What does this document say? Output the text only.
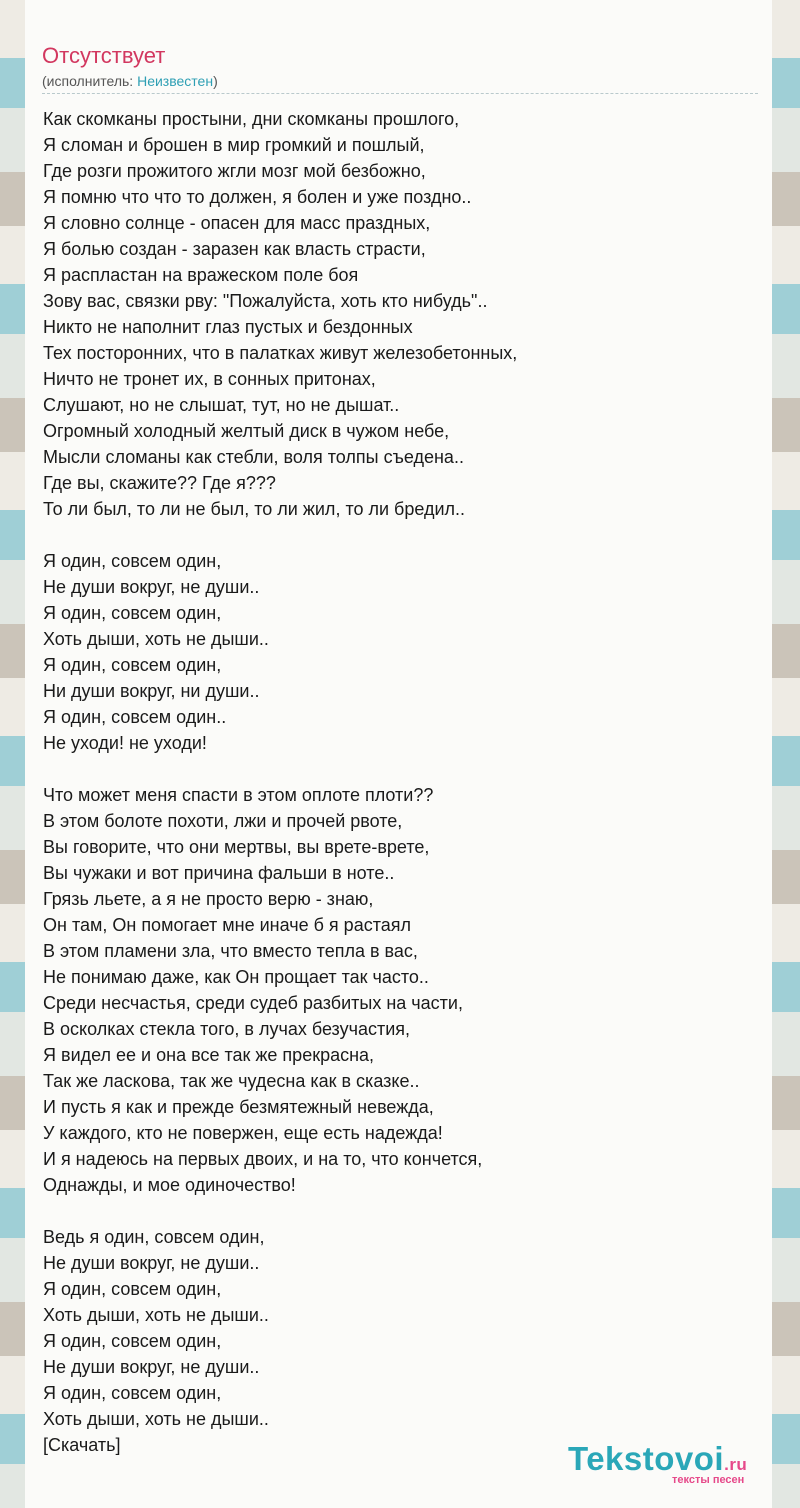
Отсутствует
(исполнитель: Неизвестен)
Как скомканы простыни, дни скомканы прошлого,
Я сломан и брошен в мир громкий и пошлый,
Где розги прожитого жгли мозг мой безбожно,
Я помню что что то должен, я болен и уже поздно..
Я словно солнце - опасен для масс праздных,
Я болью создан - заразен как власть страсти,
Я распластан на вражеском поле боя
Зову вас, связки рву: "Пожалуйста, хоть кто нибудь"..
Никто не наполнит глаз пустых и бездонных
Тех посторонних, что в палатках живут железобетонных,
Ничто не тронет их, в сонных притонах,
Слушают, но не слышат, тут, но не дышат..
Огромный холодный желтый диск в чужом небе,
Мысли сломаны как стебли, воля толпы съедена..
Где вы, скажите?? Где я???
То ли был, то ли не был, то ли жил, то ли бредил..
Я один, совсем один,
Не души вокруг, не души..
Я один, совсем один,
Хоть дыши, хоть не дыши..
Я один, совсем один,
Ни души вокруг, ни души..
Я один, совсем один..
Не уходи! не уходи!
Что может меня спасти в этом оплоте плоти??
В этом болоте похоти, лжи и прочей рвоте,
Вы говорите, что они мертвы, вы врете-врете,
Вы чужаки и вот причина фальши в ноте..
Грязь льете, а я не просто верю - знаю,
Он там, Он помогает мне иначе б я растаял
В этом пламени зла, что вместо тепла в вас,
Не понимаю даже, как Он прощает так часто..
Среди несчастья, среди судеб разбитых на части,
В осколках стекла того, в лучах безучастия,
Я видел ее и она все так же прекрасна,
Так же ласкова, так же чудесна как в сказке..
И пусть я как и прежде безмятежный невежда,
У каждого, кто не повержен, еще есть надежда!
И я надеюсь на первых двоих, и на то, что кончется,
Однажды, и мое одиночество!
Ведь я один, совсем один,
Не души вокруг, не души..
Я один, совсем один,
Хоть дыши, хоть не дыши..
Я один, совсем один,
Не души вокруг, не души..
Я один, совсем один,
Хоть дыши, хоть не дыши..
[Скачать]	Tekstovoi.ru
тексты песен
